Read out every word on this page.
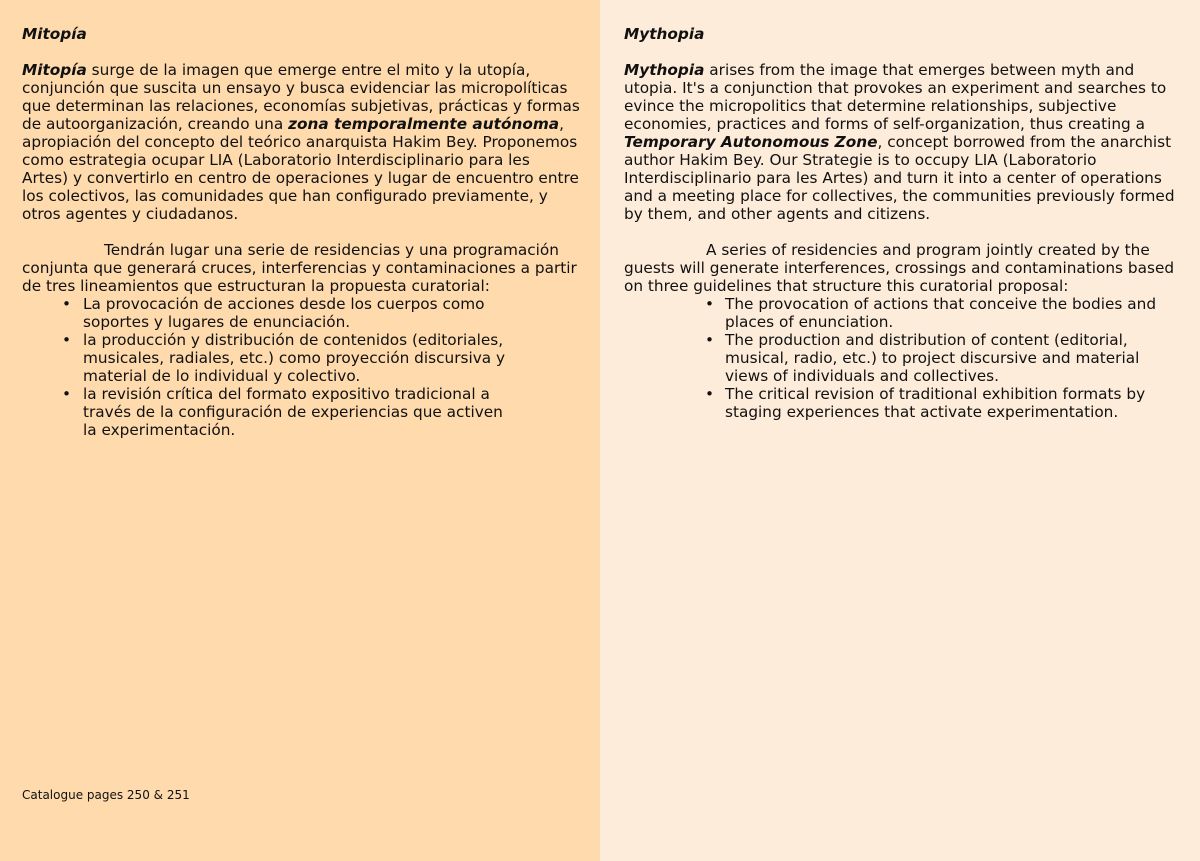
Mitopía

Mitopía surge de la imagen que emerge entre el mito y la utopía, conjunción que suscita un ensayo y busca evidenciar las micropolíticas que determinan las relaciones, economías subjetivas, prácticas y formas de autoorganización, creando una zona temporalmente autónoma, apropiación del concepto del teórico anarquista Hakim Bey. Proponemos como estrategia ocupar LIA (Laboratorio Interdisciplinario para les Artes) y convertirlo en centro de operaciones y lugar de encuentro entre los colectivos, las comunidades que han configurado previamente, y otros agentes y ciudadanos.

Tendrán lugar una serie de residencias y una programación conjunta que generará cruces, interferencias y contaminaciones a partir de tres lineamientos que estructuran la propuesta curatorial:

• La provocación de acciones desde los cuerpos como soportes y lugares de enunciación.
• la producción y distribución de contenidos (editoriales, musicales, radiales, etc.) como proyección discursiva y material de lo individual y colectivo.
• la revisión crítica del formato expositivo tradicional a través de la configuración de experiencias que activen la experimentación.
Catalogue pages 250 & 251
Mythopia

Mythopia arises from the image that emerges between myth and utopia. It's a conjunction that provokes an experiment and searches to evince the micropolitics that determine relationships, subjective economies, practices and forms of self-organization, thus creating a Temporary Autonomous Zone, concept borrowed from the anarchist author Hakim Bey. Our Strategie is to occupy LIA (Laboratorio Interdisciplinario para les Artes) and turn it into a center of operations and a meeting place for collectives, the communities previously formed by them, and other agents and citizens.

A series of residencies and program jointly created by the guests will generate interferences, crossings and contaminations based on three guidelines that structure this curatorial proposal:

• The provocation of actions that conceive the bodies and places of enunciation.
• The production and distribution of content (editorial, musical, radio, etc.) to project discursive and material views of individuals and collectives.
• The critical revision of traditional exhibition formats by staging experiences that activate experimentation.
